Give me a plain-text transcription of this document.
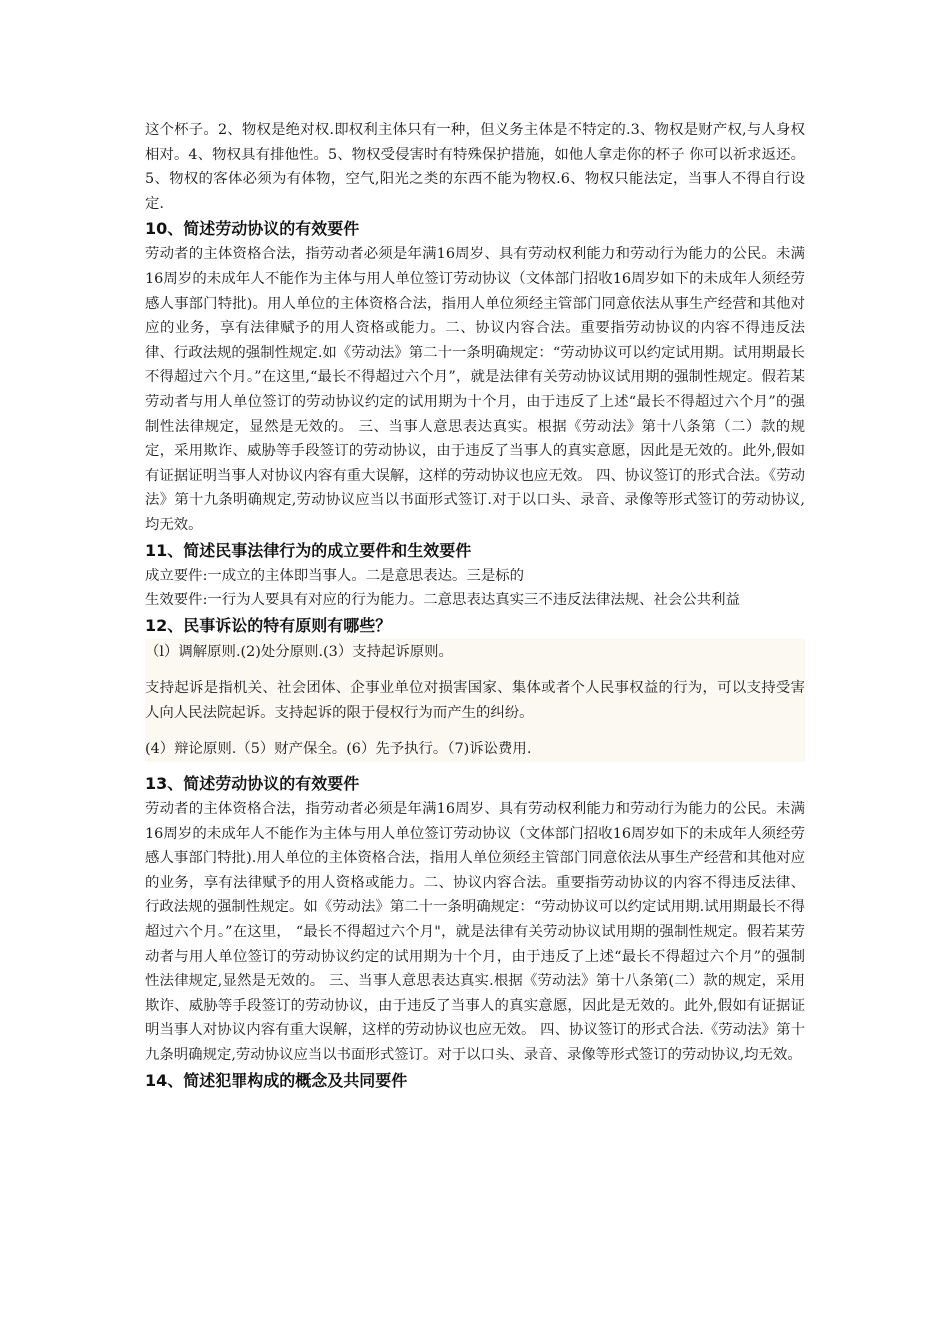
这个杯子。2、物权是绝对权.即权利主体只有一种，但义务主体是不特定的.3、物权是财产权,与人身权相对。4、物权具有排他性。5、物权受侵害时有特殊保护措施，如他人拿走你的杯子 你可以祈求返还。5、物权的客体必须为有体物，空气,阳光之类的东西不能为物权.6、物权只能法定，当事人不得自行设定.

10、简述劳动协议的有效要件

劳动者的主体资格合法，指劳动者必须是年满16周岁、具有劳动权利能力和劳动行为能力的公民。未满16周岁的未成年人不能作为主体与用人单位签订劳动协议（文体部门招收16周岁如下的未成年人须经劳感人事部门特批)。用人单位的主体资格合法，指用人单位须经主管部门同意依法从事生产经营和其他对应的业务，享有法律赋予的用人资格或能力。二、协议内容合法。重要指劳动协议的内容不得违反法律、行政法规的强制性规定.如《劳动法》第二十一条明确规定：“劳动协议可以约定试用期。试用期最长不得超过六个月。”在这里,“最长不得超过六个月”，就是法律有关劳动协议试用期的强制性规定。假若某劳动者与用人单位签订的劳动协议约定的试用期为十个月，由于违反了上述“最长不得超过六个月”的强制性法律规定，显然是无效的。 三、当事人意思表达真实。根据《劳动法》第十八条第（二）款的规定，采用欺诈、威胁等手段签订的劳动协议，由于违反了当事人的真实意愿，因此是无效的。此外,假如有证据证明当事人对协议内容有重大误解，这样的劳动协议也应无效。 四、协议签订的形式合法。《劳动法》第十九条明确规定,劳动协议应当以书面形式签订.对于以口头、录音、录像等形式签订的劳动协议,均无效。

11、简述民事法律行为的成立要件和生效要件

成立要件:一成立的主体即当事人。二是意思表达。三是标的

生效要件:一行为人要具有对应的行为能力。二意思表达真实三不违反法律法规、社会公共利益

12、民事诉讼的特有原则有哪些？

（l）调解原则.(2)处分原则.(3）支持起诉原则。

支持起诉是指机关、社会团体、企事业单位对损害国家、集体或者个人民事权益的行为，可以支持受害人向人民法院起诉。支持起诉的限于侵权行为而产生的纠纷。

(4）辩论原则.（5）财产保全。(6）先予执行。（7)诉讼费用.

13、简述劳动协议的有效要件

劳动者的主体资格合法，指劳动者必须是年满16周岁、具有劳动权利能力和劳动行为能力的公民。未满16周岁的未成年人不能作为主体与用人单位签订劳动协议（文体部门招收16周岁如下的未成年人须经劳感人事部门特批).用人单位的主体资格合法，指用人单位须经主管部门同意依法从事生产经营和其他对应的业务，享有法律赋予的用人资格或能力。二、协议内容合法。重要指劳动协议的内容不得违反法律、行政法规的强制性规定。如《劳动法》第二十一条明确规定：“劳动协议可以约定试用期.试用期最长不得超过六个月。”在这里， “最长不得超过六个月"，就是法律有关劳动协议试用期的强制性规定。假若某劳动者与用人单位签订的劳动协议约定的试用期为十个月，由于违反了上述“最长不得超过六个月”的强制性法律规定,显然是无效的。 三、当事人意思表达真实.根据《劳动法》第十八条第(二）款的规定，采用欺诈、威胁等手段签订的劳动协议，由于违反了当事人的真实意愿，因此是无效的。此外,假如有证据证明当事人对协议内容有重大误解，这样的劳动协议也应无效。 四、协议签订的形式合法.《劳动法》第十九条明确规定,劳动协议应当以书面形式签订。对于以口头、录音、录像等形式签订的劳动协议,均无效。

14、简述犯罪构成的概念及共同要件
